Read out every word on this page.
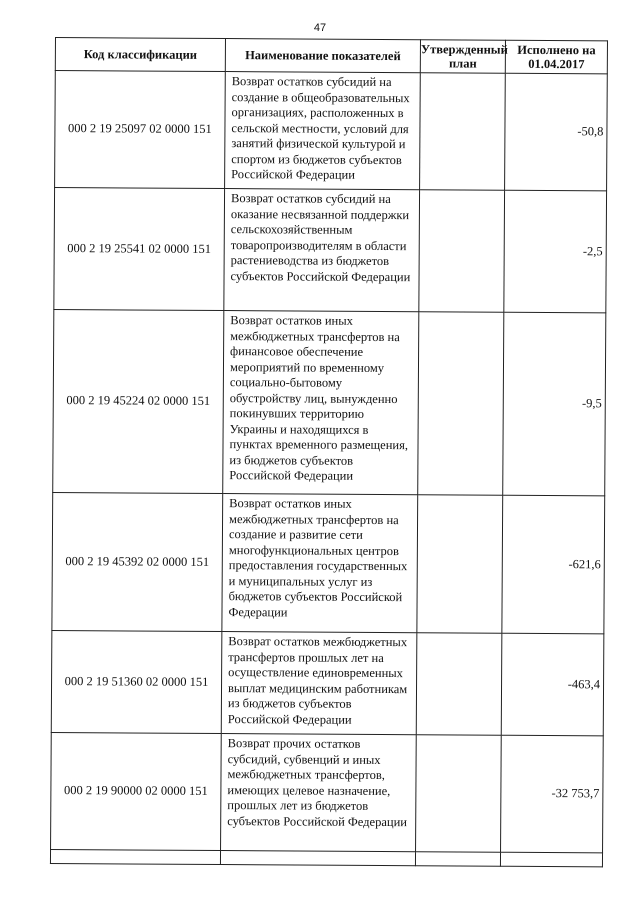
47
Код классификации	Наименование показателей	Утвержденный план	Исполнено на 01.04.2017
000 2 19 25097 02 0000 151	Возврат остатков субсидий на создание в общеобразовательных организациях, расположенных в сельской местности, условий для занятий физической культурой и спортом из бюджетов субъектов Российской Федерации		-50,8
000 2 19 25541 02 0000 151	Возврат остатков субсидий на оказание несвязанной поддержки сельскохозяйственным товаропроизводителям в области растениеводства из бюджетов субъектов Российской Федерации		-2,5
000 2 19 45224 02 0000 151	Возврат остатков иных межбюджетных трансфертов на финансовое обеспечение мероприятий по временному социально-бытовому обустройству лиц, вынужденно покинувших территорию Украины и находящихся в пунктах временного размещения, из бюджетов субъектов Российской Федерации		-9,5
000 2 19 45392 02 0000 151	Возврат остатков иных межбюджетных трансфертов на создание и развитие сети многофункциональных центров предоставления государственных и муниципальных услуг из бюджетов субъектов Российской Федерации		-621,6
000 2 19 51360 02 0000 151	Возврат остатков межбюджетных трансфертов прошлых лет на осуществление единовременных выплат медицинским работникам из бюджетов субъектов Российской Федерации		-463,4
000 2 19 90000 02 0000 151	Возврат прочих остатков субсидий, субвенций и иных межбюджетных трансфертов, имеющих целевое назначение, прошлых лет из бюджетов субъектов Российской Федерации		-32 753,7
